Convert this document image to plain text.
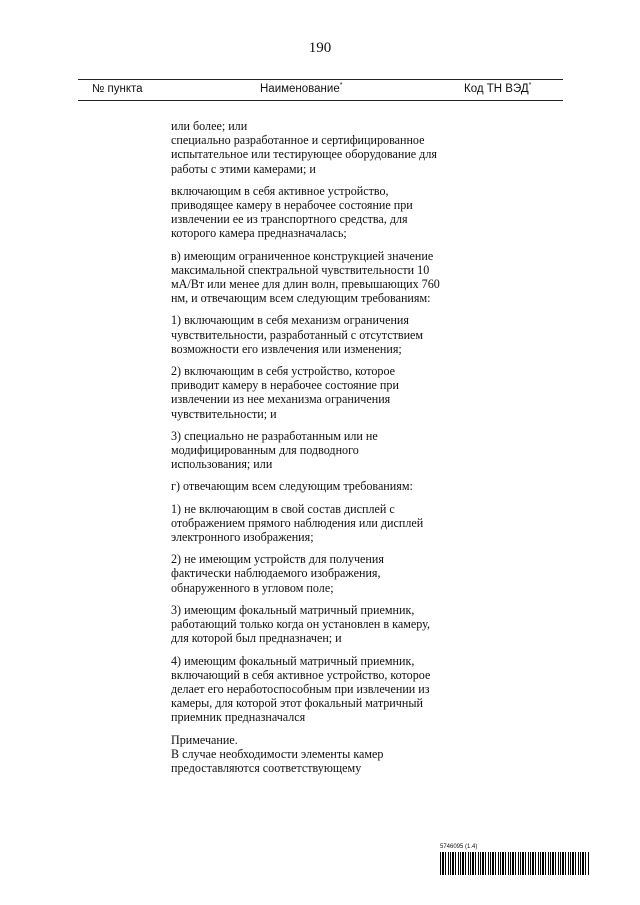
190
№ пункта	Наименование*	Код ТН ВЭД*

или более; или
специально разработанное и сертифицированное испытательное или тестирующее оборудование для работы с этими камерами; и

включающим в себя активное устройство, приводящее камеру в нерабочее состояние при извлечении ее из транспортного средства, для которого камера предназначалась;

в) имеющим ограниченное конструкцией значение максимальной спектральной чувствительности 10 мА/Вт или менее для длин волн, превышающих 760 нм, и отвечающим всем следующим требованиям:

1) включающим в себя механизм ограничения чувствительности, разработанный с отсутствием возможности его извлечения или изменения;

2) включающим в себя устройство, которое приводит камеру в нерабочее состояние при извлечении из нее механизма ограничения чувствительности; и

3) специально не разработанным или не модифицированным для подводного использования; или

г) отвечающим всем следующим требованиям:

1) не включающим в свой состав дисплей с отображением прямого наблюдения или дисплей электронного изображения;

2) не имеющим устройств для получения фактически наблюдаемого изображения, обнаруженного в угловом поле;

3) имеющим фокальный матричный приемник, работающий только когда он установлен в камеру, для которой был предназначен; и

4) имеющим фокальный матричный приемник, включающий в себя активное устройство, которое делает его неработоспособным при извлечении из камеры, для которой этот фокальный матричный приемник предназначался

Примечание.

В случае необходимости элементы камер предоставляются соответствующему

5746095 (1.4)
